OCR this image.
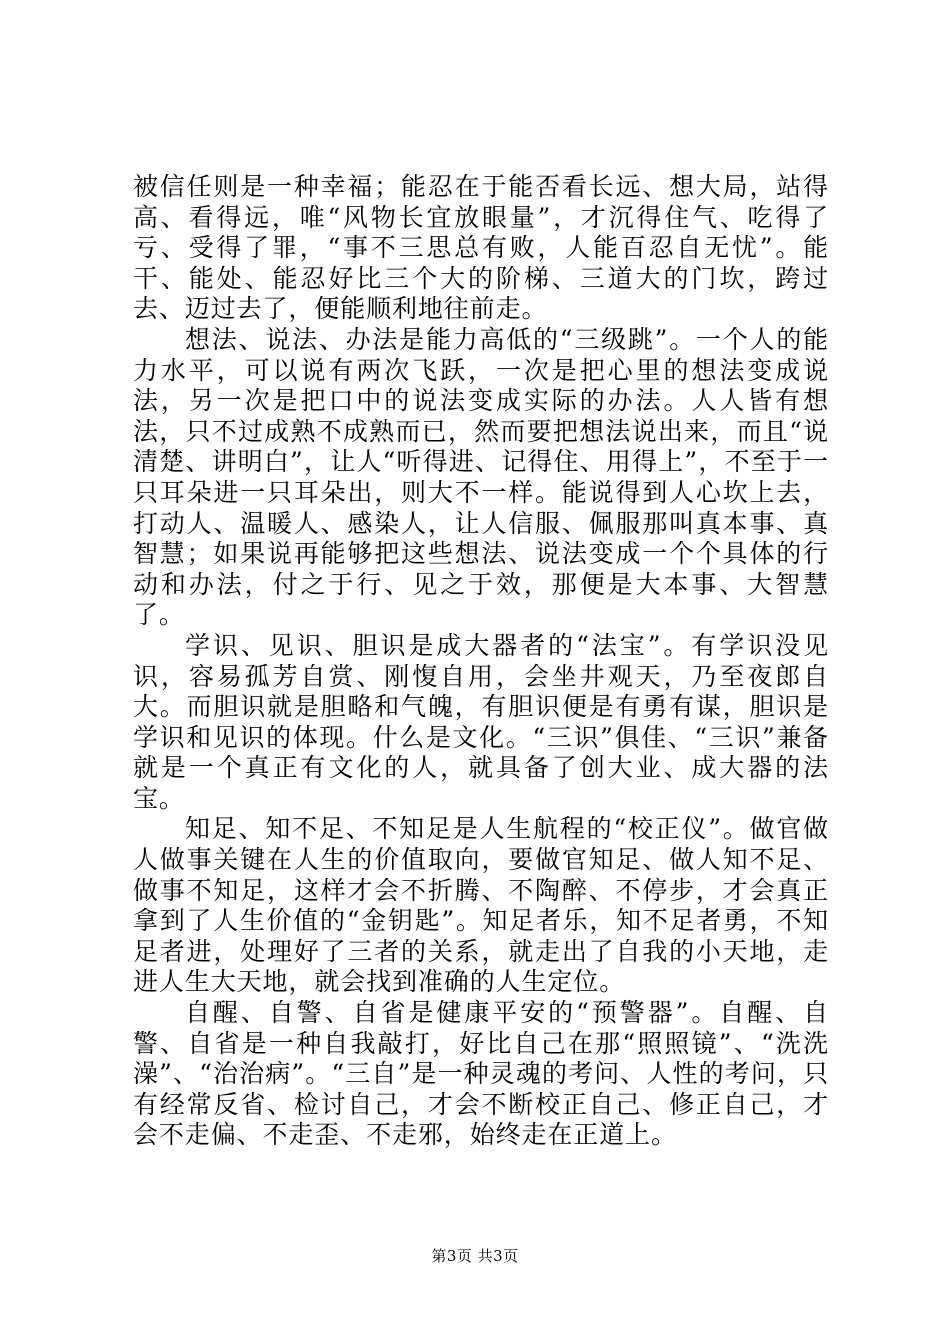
被信任则是一种幸福；能忍在于能否看长远、想大局，站得高、看得远，唯“风物长宜放眼量”，才沉得住气、吃得了亏、受得了罪，“事不三思总有败，人能百忍自无忧”。能干、能处、能忍好比三个大的阶梯、三道大的门坎，跨过去、迈过去了，便能顺利地往前走。

想法、说法、办法是能力高低的“三级跳”。一个人的能力水平，可以说有两次飞跃，一次是把心里的想法变成说法，另一次是把口中的说法变成实际的办法。人人皆有想法，只不过成熟不成熟而已，然而要把想法说出来，而且“说清楚、讲明白”，让人“听得进、记得住、用得上”，不至于一只耳朵进一只耳朵出，则大不一样。能说得到人心坎上去，打动人、温暖人、感染人，让人信服、佩服那叫真本事、真智慧；如果说再能够把这些想法、说法变成一个个具体的行动和办法，付之于行、见之于效，那便是大本事、大智慧了。

学识、见识、胆识是成大器者的“法宝”。有学识没见识，容易孤芳自赏、刚愎自用，会坐井观天，乃至夜郎自大。而胆识就是胆略和气魄，有胆识便是有勇有谋，胆识是学识和见识的体现。什么是文化。“三识”俱佳、“三识”兼备就是一个真正有文化的人，就具备了创大业、成大器的法宝。

知足、知不足、不知足是人生航程的“校正仪”。做官做人做事关键在人生的价值取向，要做官知足、做人知不足、做事不知足，这样才会不折腾、不陶醉、不停步，才会真正拿到了人生价值的“金钥匙”。知足者乐，知不足者勇，不知足者进，处理好了三者的关系，就走出了自我的小天地，走进人生大天地，就会找到准确的人生定位。

自醒、自警、自省是健康平安的“预警器”。自醒、自警、自省是一种自我敲打，好比自己在那“照照镜”、“洗洗澡”、“治治病”。“三自”是一种灵魂的考问、人性的考问，只有经常反省、检讨自己，才会不断校正自己、修正自己，才会不走偏、不走歪、不走邪，始终走在正道上。

第3页 共3页
